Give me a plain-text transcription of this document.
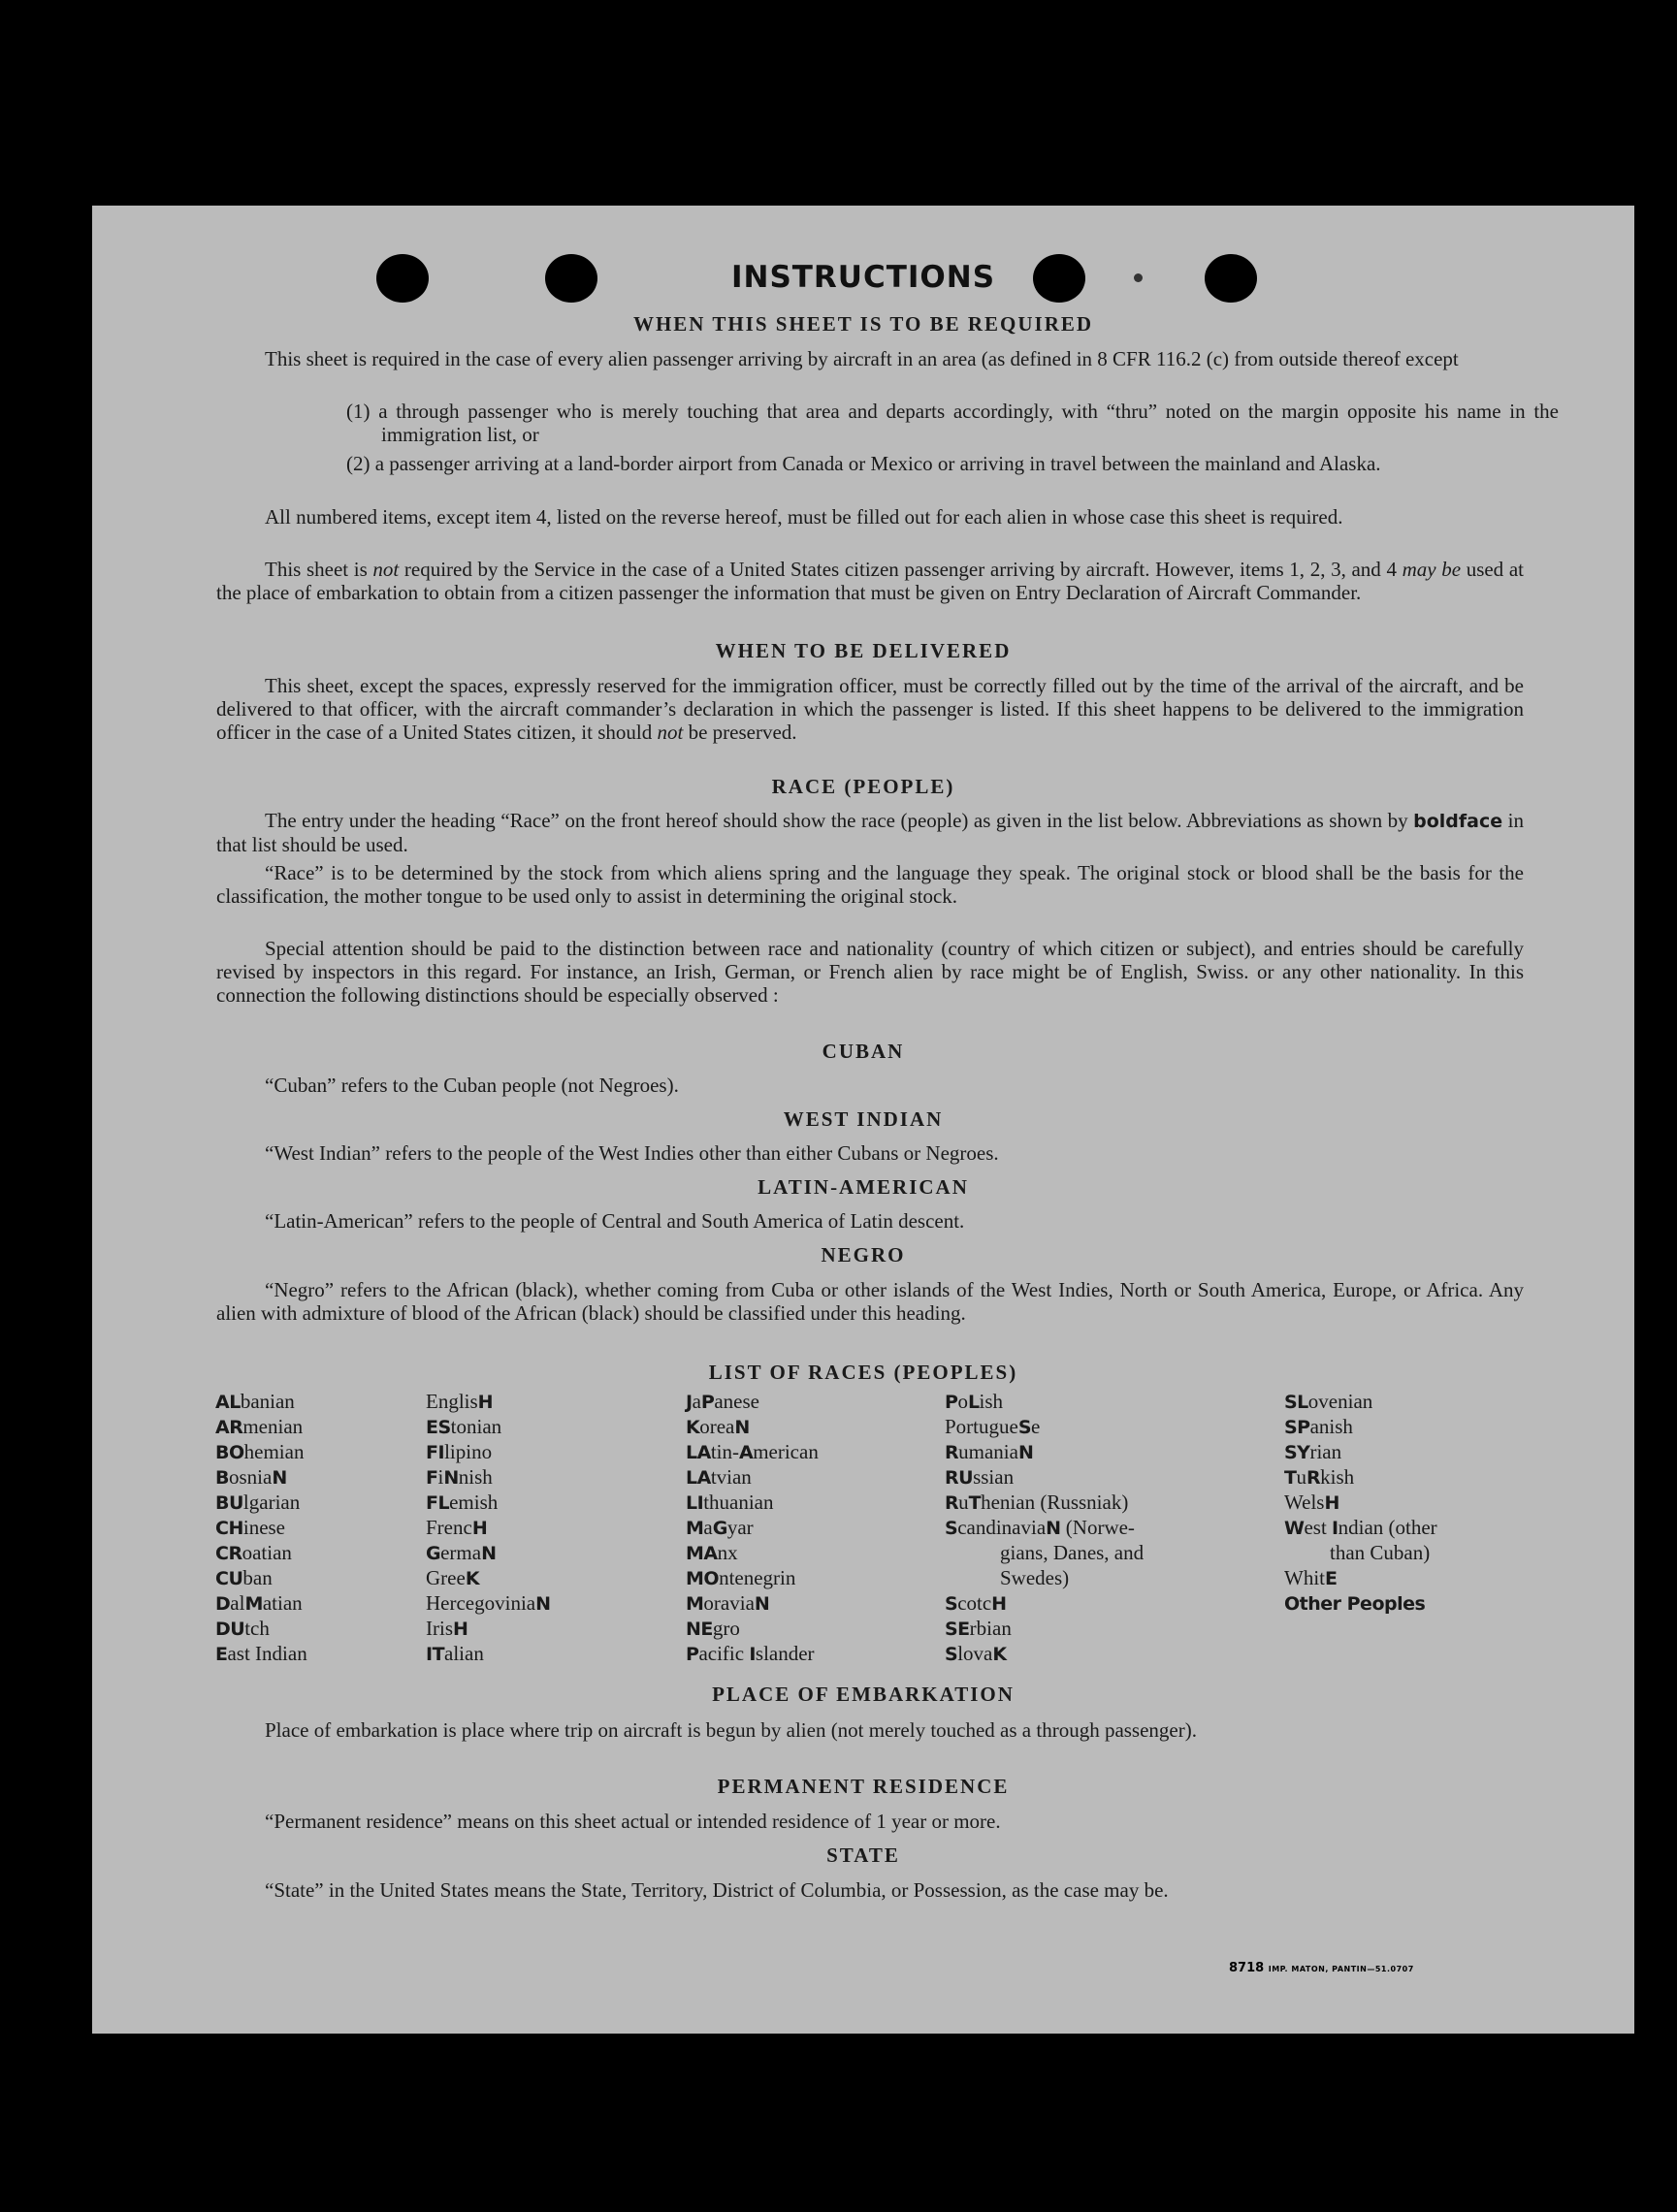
INSTRUCTIONS
WHEN THIS SHEET IS TO BE REQUIRED
This sheet is required in the case of every alien passenger arriving by aircraft in an area (as defined in 8 CFR 116.2 (c) from outside thereof except
(1) a through passenger who is merely touching that area and departs accordingly, with “thru” noted on the margin opposite his name in the immigration list, or
(2) a passenger arriving at a land-border airport from Canada or Mexico or arriving in travel between the mainland and Alaska.
All numbered items, except item 4, listed on the reverse hereof, must be filled out for each alien in whose case this sheet is required.
This sheet is not required by the Service in the case of a United States citizen passenger arriving by aircraft. However, items 1, 2, 3, and 4 may be used at the place of embarkation to obtain from a citizen passenger the information that must be given on Entry Declaration of Aircraft Commander.
WHEN TO BE DELIVERED
This sheet, except the spaces, expressly reserved for the immigration officer, must be correctly filled out by the time of the arrival of the aircraft, and be delivered to that officer, with the aircraft commander’s declaration in which the passenger is listed. If this sheet happens to be delivered to the immigration officer in the case of a United States citizen, it should not be preserved.
RACE (PEOPLE)
The entry under the heading “Race” on the front hereof should show the race (people) as given in the list below. Abbreviations as shown by boldface in that list should be used.
“Race” is to be determined by the stock from which aliens spring and the language they speak. The original stock or blood shall be the basis for the classification, the mother tongue to be used only to assist in determining the original stock.
Special attention should be paid to the distinction between race and nationality (country of which citizen or subject), and entries should be carefully revised by inspectors in this regard. For instance, an Irish, German, or French alien by race might be of English, Swiss. or any other nationality. In this connection the following distinctions should be especially observed :
CUBAN
“Cuban” refers to the Cuban people (not Negroes).
WEST INDIAN
“West Indian” refers to the people of the West Indies other than either Cubans or Negroes.
LATIN-AMERICAN
“Latin-American” refers to the people of Central and South America of Latin descent.
NEGRO
“Negro” refers to the African (black), whether coming from Cuba or other islands of the West Indies, North or South America, Europe, or Africa. Any alien with admixture of blood of the African (black) should be classified under this heading.
LIST OF RACES (PEOPLES)
ALbanian
ARmenian
BOhemian
BosniaN
BUlgarian
CHinese
CRoatian
CUban
DalMatian
DUtch
East Indian
EnglisH
EStonian
FIlipino
FiNnish
FLemish
FrencH
GermaN
GreeK
HercegoviniaN
IrisH
ITalian
JaPanese
KoreaN
LAtin-American
LAtvian
LIthuanian
MaGyar
MAnx
MOntenegrin
MoraviaN
NEgro
Pacific Islander
PoLish
PortugueSe
RumaniaN
RUssian
RuThenian (Russniak)
ScandinaviaN (Norwe-
gians, Danes, and
Swedes)
ScotcH
SErbian
SlovaK
SLovenian
SPanish
SYrian
TuRkish
WelsH
West Indian (other
than Cuban)
WhitE
Other Peoples
PLACE OF EMBARKATION
Place of embarkation is place where trip on aircraft is begun by alien (not merely touched as a through passenger).
PERMANENT RESIDENCE
“Permanent residence” means on this sheet actual or intended residence of 1 year or more.
STATE
“State” in the United States means the State, Territory, District of Columbia, or Possession, as the case may be.
8718 IMP. MATON, PANTIN—51.0707
